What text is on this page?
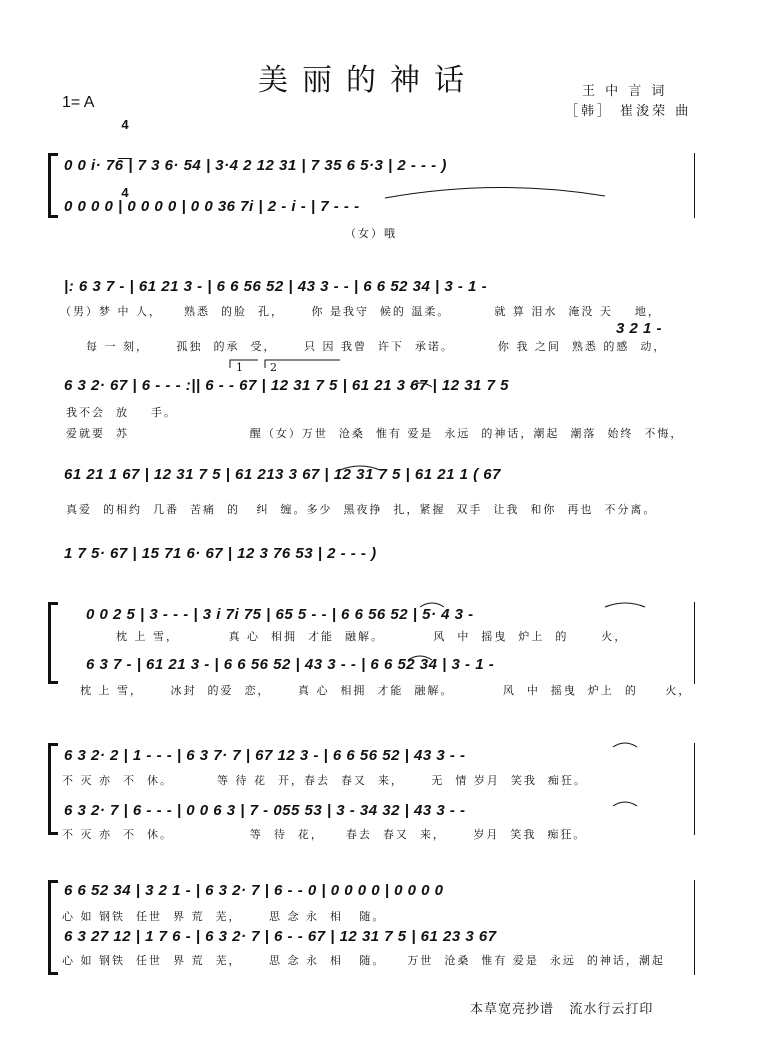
美丽的神话	王 中 言 词
［韩］ 崔浚荣 曲
1= A

4

4

0 0 i· 76 | 7 3 6· 54 | 3·4 2 12 31 | 7 35 6 5·3 | 2 - - - )
0 0 0 0 | 0 0 0 0 | 0 0 36 7i | 2 - i - | 7 - - -
（女）哦
|: 6 3 7 - | 61 21 3 - | 6 6 56 52 | 43 3 - - | 6 6 52 34 | 3 - 1 -
（男）梦 中 人，    熟悉  的脸  孔，     你 是我守  候的 温柔。        就 算 泪水  淹没 天    地，
3 2 1 -
每 一 刻，     孤独  的承  受，     只 因 我曾  许下  承诺。        你 我 之间  熟悉 的感  动，
6 3 2· 67 | 6 - - - :|| 6 - - 67 | 12 31 7 5 | 61 21 3 67 | 12 31 7 5
1 2
我不会  放    手。
爱就要  苏                      醒（女）万世  沧桑  惟有 爱是  永远  的神话，潮起  潮落  始终  不悔，
61 21 1 67 | 12 31 7 5 | 61 213 3 67 | 12 31 7 5 | 61 21 1 ( 67
真爱  的相约  几番  苦痛  的   纠  缠。多少  黑夜挣  扎，紧握  双手  让我  和你  再也  不分离。
1 7 5· 67 | 15 71 6· 67 | 12 3 76 53 | 2 - - - )
0 0 2 5 | 3 - - - | 3 i 7i 75 | 65 5 - - | 6 6 56 52 | 5· 4 3 -
枕 上 雪，         真 心  相拥  才能  融解。         风  中  摇曳  炉上  的      火，
6 3 7 - | 61 21 3 - | 6 6 56 52 | 43 3 - - | 6 6 52 34 | 3 - 1 -
枕 上 雪，     冰封  的爱  恋，     真 心  相拥  才能  融解。         风  中  摇曳  炉上  的     火，
6 3 2· 2 | 1 - - - | 6 3 7· 7 | 67 12 3 - | 6 6 56 52 | 43 3 - -
不 灭 亦  不  休。        等 待 花  开，春去  春又  来，     无  情 岁月  笑我  痴狂。
6 3 2· 7 | 6 - - - | 0 0 6 3 | 7 - 055 53 | 3 - 34 32 | 43 3 - -
不 灭 亦  不  休。              等  待  花，    春去  春又  来，     岁月  笑我  痴狂。
6 6 52 34 | 3 2 1 - | 6 3 2· 7 | 6 - - 0 | 0 0 0 0 | 0 0 0 0
心 如 钢铁  任世  界 荒  芜，     思 念 永  相   随。
6 3 27 12 | 1 7 6 - | 6 3 2· 7 | 6 - - 67 | 12 31 7 5 | 61 23 3 67
心 如 钢铁  任世  界 荒  芜，     思 念 永  相   随。    万世  沧桑  惟有 爱是  永远  的神话，潮起
本草宽亮抄谱   流水行云打印
